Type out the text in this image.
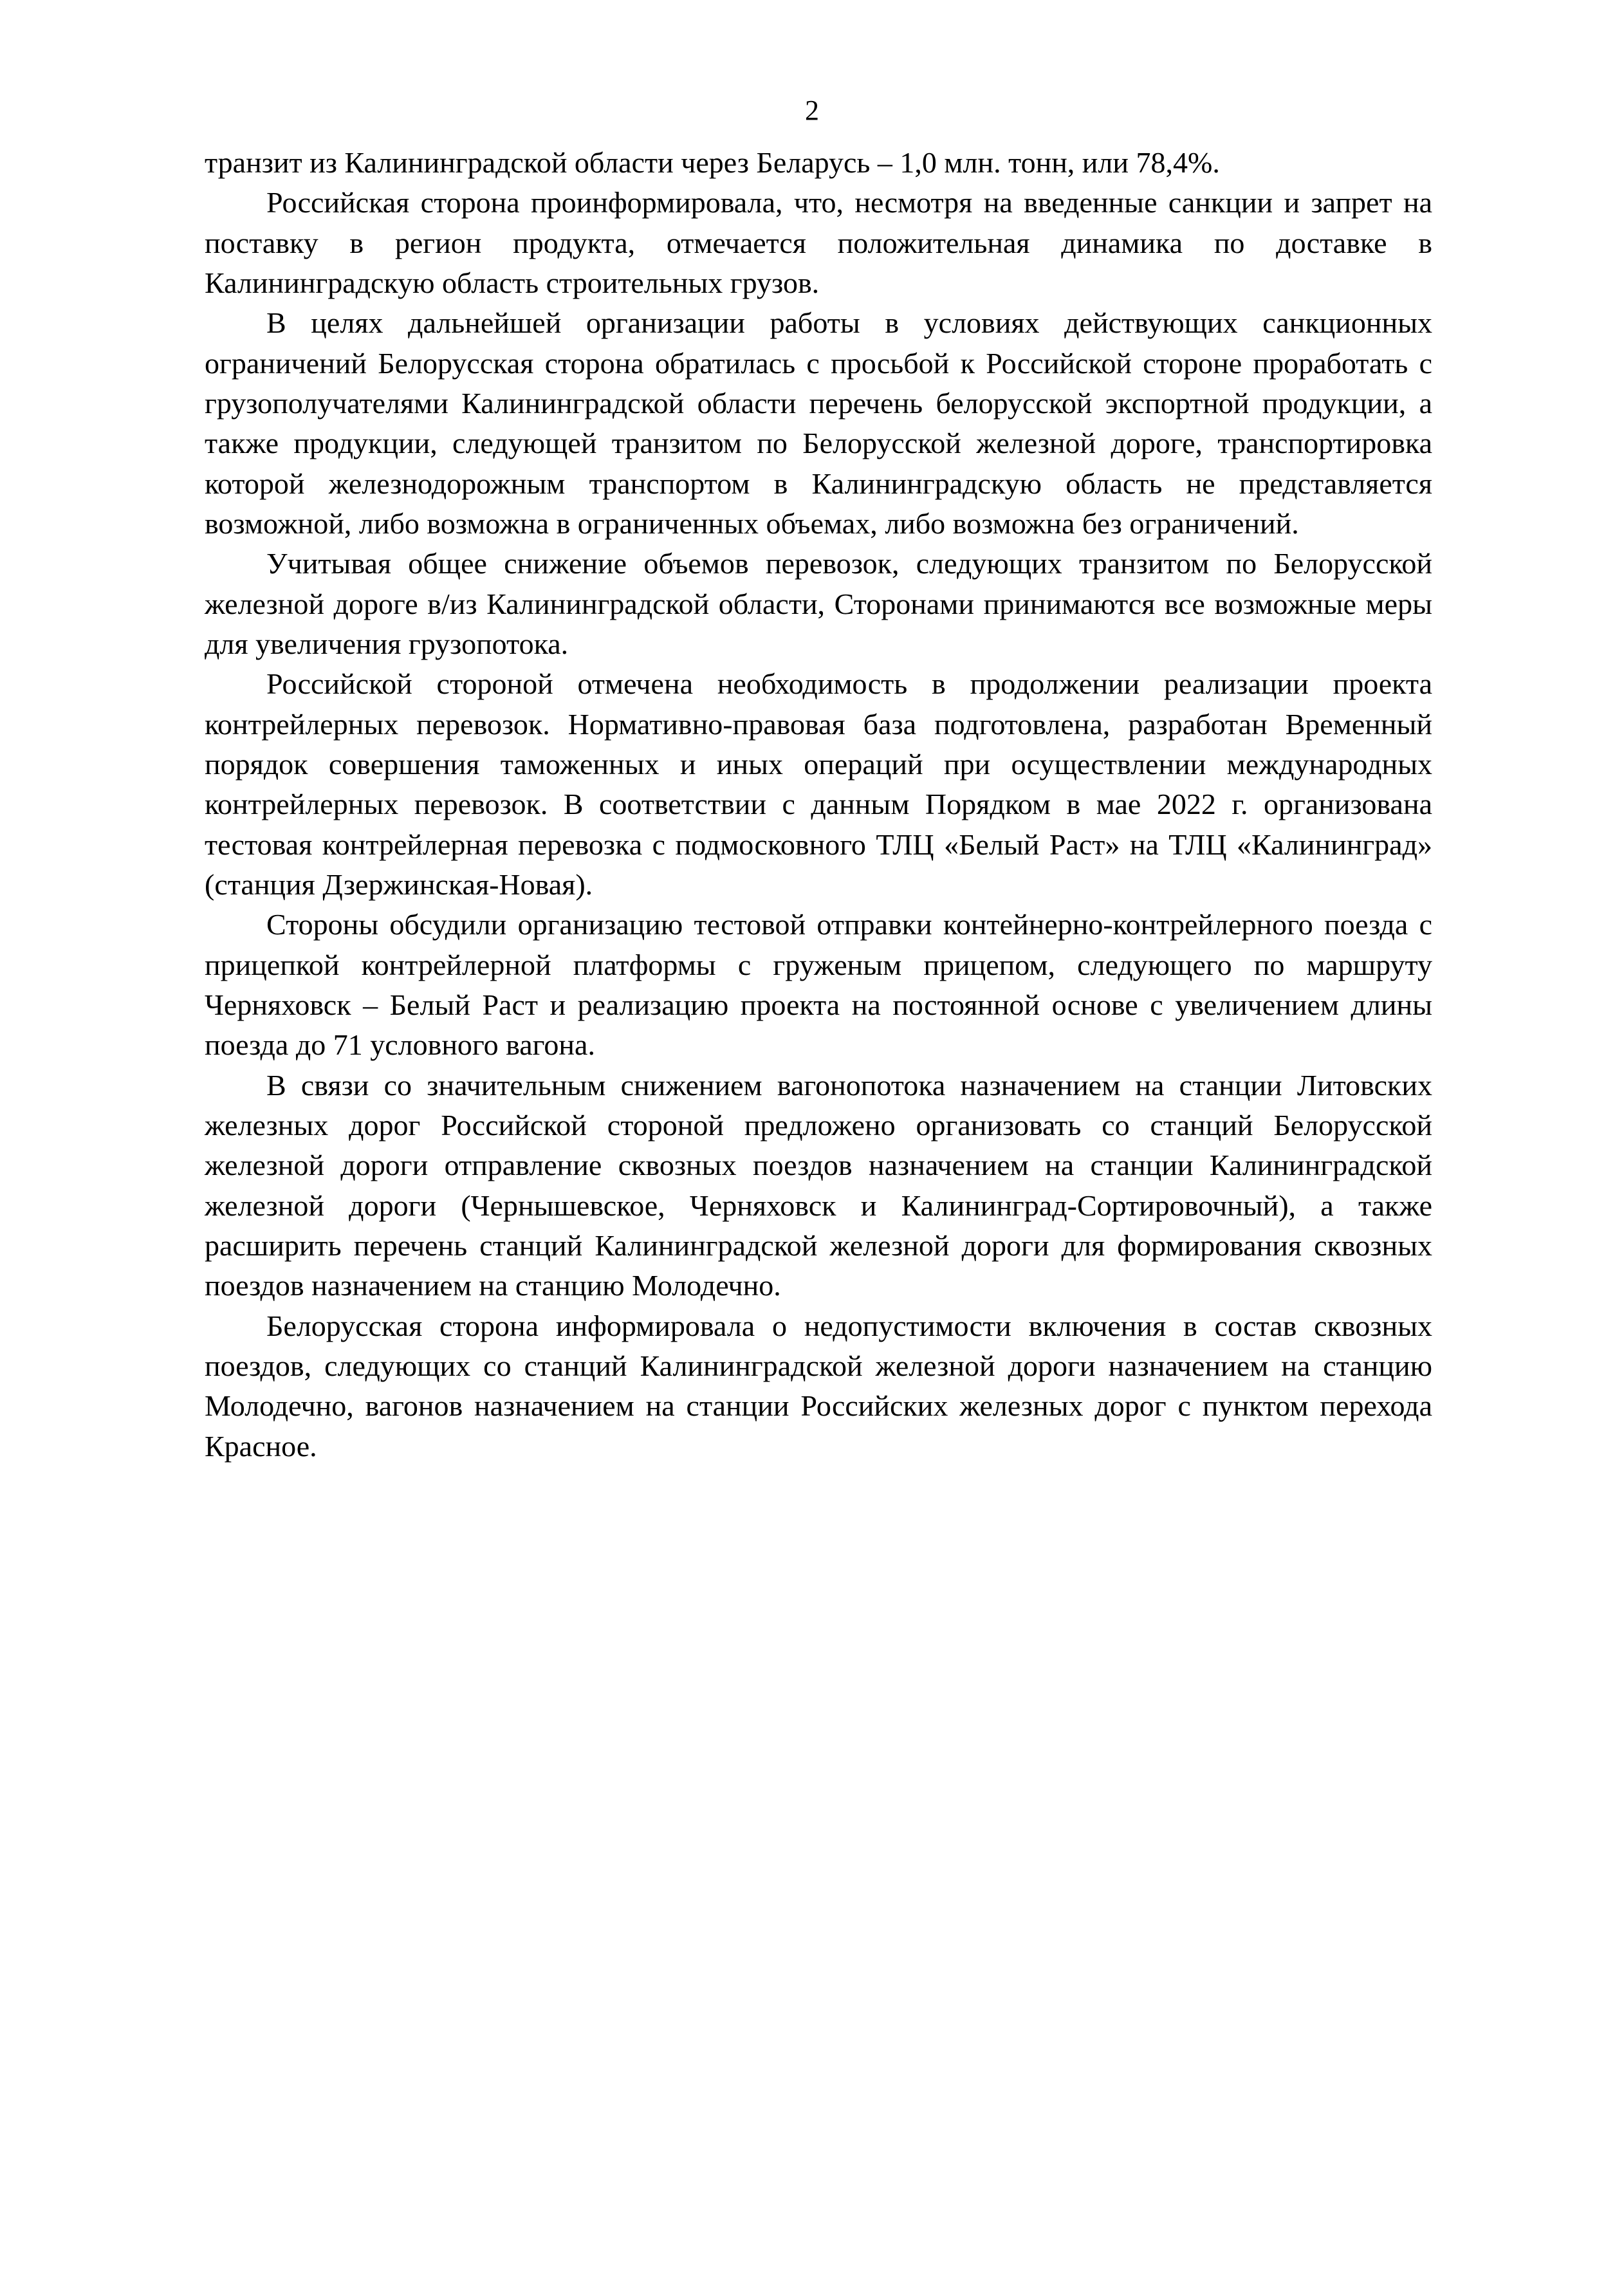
2

транзит из Калининградской области через Беларусь – 1,0 млн. тонн, или 78,4%.

Российская сторона проинформировала, что, несмотря на введенные санкции и запрет на поставку в регион продукта, отмечается положительная динамика по доставке в Калининградскую область строительных грузов.

В целях дальнейшей организации работы в условиях действующих санкционных ограничений Белорусская сторона обратилась с просьбой к Российской стороне проработать с грузополучателями Калининградской области перечень белорусской экспортной продукции, а также продукции, следующей транзитом по Белорусской железной дороге, транспортировка которой железнодорожным транспортом в Калининградскую область не представляется возможной, либо возможна в ограниченных объемах, либо возможна без ограничений.

Учитывая общее снижение объемов перевозок, следующих транзитом по Белорусской железной дороге в/из Калининградской области, Сторонами принимаются все возможные меры для увеличения грузопотока.

Российской стороной отмечена необходимость в продолжении реализации проекта контрейлерных перевозок. Нормативно-правовая база подготовлена, разработан Временный порядок совершения таможенных и иных операций при осуществлении международных контрейлерных перевозок. В соответствии с данным Порядком в мае 2022 г. организована тестовая контрейлерная перевозка с подмосковного ТЛЦ «Белый Раст» на ТЛЦ «Калининград» (станция Дзержинская-Новая).

Стороны обсудили организацию тестовой отправки контейнерно-контрейлерного поезда с прицепкой контрейлерной платформы с груженым прицепом, следующего по маршруту Черняховск – Белый Раст и реализацию проекта на постоянной основе с увеличением длины поезда до 71 условного вагона.

В связи со значительным снижением вагонопотока назначением на станции Литовских железных дорог Российской стороной предложено организовать со станций Белорусской железной дороги отправление сквозных поездов назначением на станции Калининградской железной дороги (Чернышевское, Черняховск и Калининград-Сортировочный), а также расширить перечень станций Калининградской железной дороги для формирования сквозных поездов назначением на станцию Молодечно.

Белорусская сторона информировала о недопустимости включения в состав сквозных поездов, следующих со станций Калининградской железной дороги назначением на станцию Молодечно, вагонов назначением на станции Российских железных дорог с пунктом перехода Красное.
